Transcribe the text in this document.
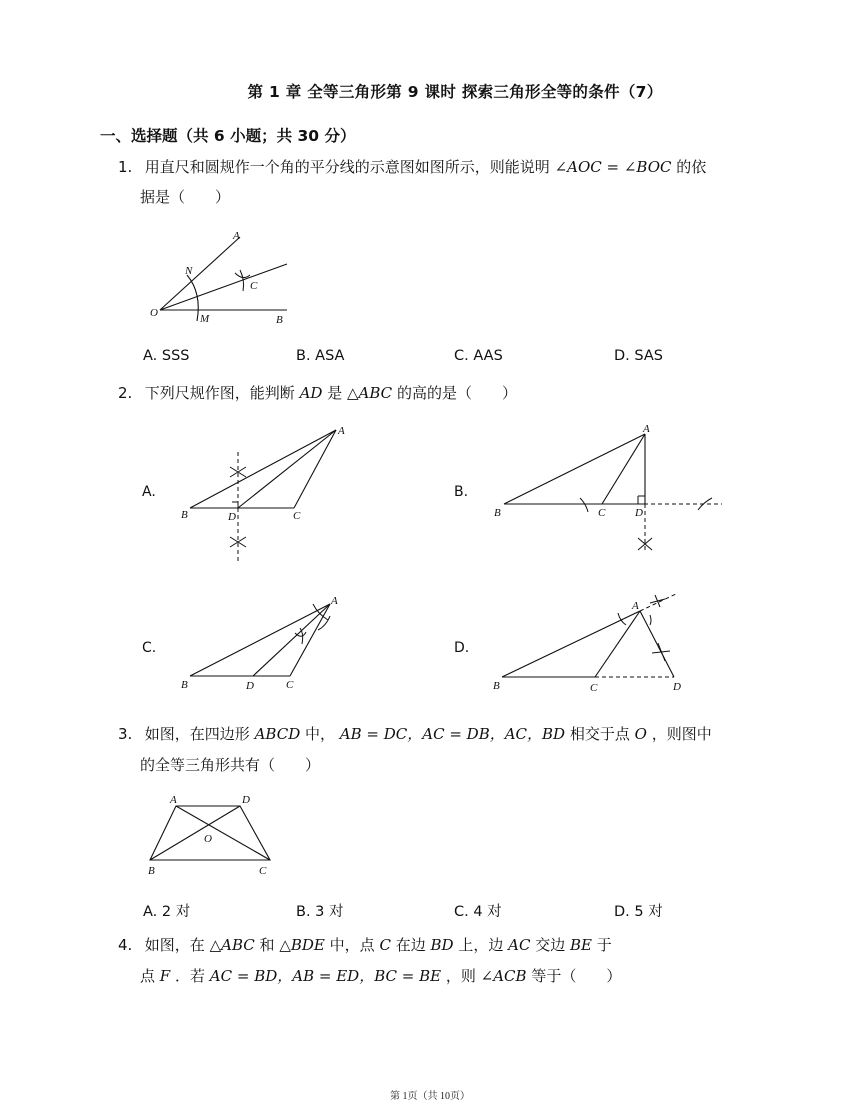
第 1 章 全等三角形第 9 课时 探索三角形全等的条件（7）
一、选择题（共 6 小题；共 30 分）
1. 用直尺和圆规作一个角的平分线的示意图如图所示，则能说明 ∠AOC = ∠BOC 的依
据是（　　）
A
N
C
O	M	B
A. SSS	B. ASA	C. AAS	D. SAS
2. 下列尺规作图，能判断 AD 是 △ABC 的高的是（　　）
A.
A
B	D	C
B.
A
B	C	D
C.
A
B	D	C
D.
A
B	C	D
3. 如图，在四边形 ABCD 中， AB = DC，AC = DB，AC，BD 相交于点 O ，则图中
的全等三角形共有（　　）
A	D
O
B	C
A. 2 对	B. 3 对	C. 4 对	D. 5 对
4. 如图，在 △ABC 和 △BDE 中，点 C 在边 BD 上，边 AC 交边 BE 于
点 F ．若 AC = BD，AB = ED，BC = BE ，则 ∠ACB 等于（　　）
第 1页（共 10页）
